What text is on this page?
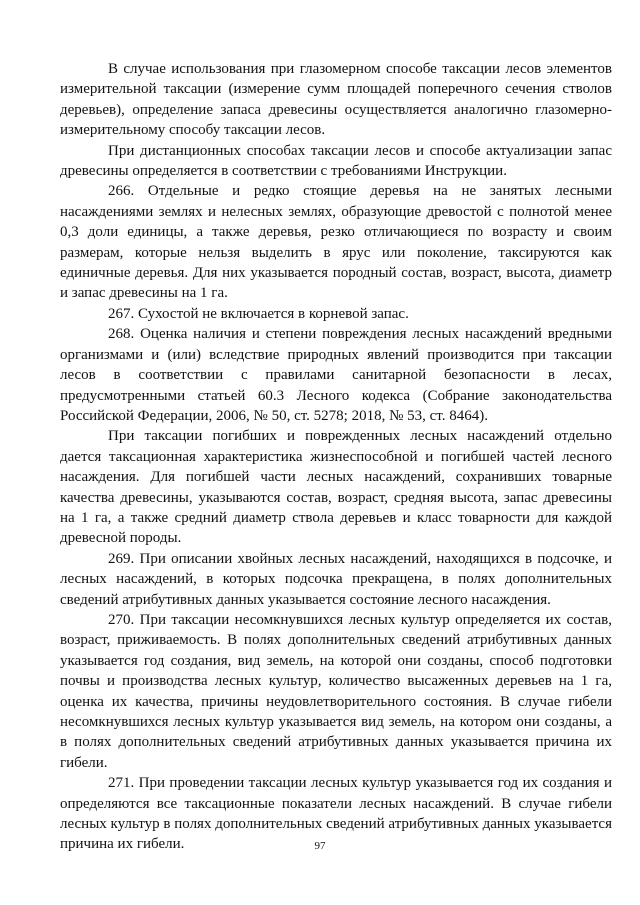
В случае использования при глазомерном способе таксации лесов элементов измерительной таксации (измерение сумм площадей поперечного сечения стволов деревьев), определение запаса древесины осуществляется аналогично глазомерно-измерительному способу таксации лесов.

При дистанционных способах таксации лесов и способе актуализации запас древесины определяется в соответствии с требованиями Инструкции.

266. Отдельные и редко стоящие деревья на не занятых лесными насаждениями землях и нелесных землях, образующие древостой с полнотой менее 0,3 доли единицы, а также деревья, резко отличающиеся по возрасту и своим размерам, которые нельзя выделить в ярус или поколение, таксируются как единичные деревья. Для них указывается породный состав, возраст, высота, диаметр и запас древесины на 1 га.

267. Сухостой не включается в корневой запас.

268. Оценка наличия и степени повреждения лесных насаждений вредными организмами и (или) вследствие природных явлений производится при таксации лесов в соответствии с правилами санитарной безопасности в лесах, предусмотренными статьей 60.3 Лесного кодекса (Собрание законодательства Российской Федерации, 2006, № 50, ст. 5278; 2018, № 53, ст. 8464).

При таксации погибших и поврежденных лесных насаждений отдельно дается таксационная характеристика жизнеспособной и погибшей частей лесного насаждения. Для погибшей части лесных насаждений, сохранивших товарные качества древесины, указываются состав, возраст, средняя высота, запас древесины на 1 га, а также средний диаметр ствола деревьев и класс товарности для каждой древесной породы.

269. При описании хвойных лесных насаждений, находящихся в подсочке, и лесных насаждений, в которых подсочка прекращена, в полях дополнительных сведений атрибутивных данных указывается состояние лесного насаждения.

270. При таксации несомкнувшихся лесных культур определяется их состав, возраст, приживаемость. В полях дополнительных сведений атрибутивных данных указывается год создания, вид земель, на которой они созданы, способ подготовки почвы и производства лесных культур, количество высаженных деревьев на 1 га, оценка их качества, причины неудовлетворительного состояния. В случае гибели несомкнувшихся лесных культур указывается вид земель, на котором они созданы, а в полях дополнительных сведений атрибутивных данных указывается причина их гибели.

271. При проведении таксации лесных культур указывается год их создания и определяются все таксационные показатели лесных насаждений. В случае гибели лесных культур в полях дополнительных сведений атрибутивных данных указывается причина их гибели.	97
